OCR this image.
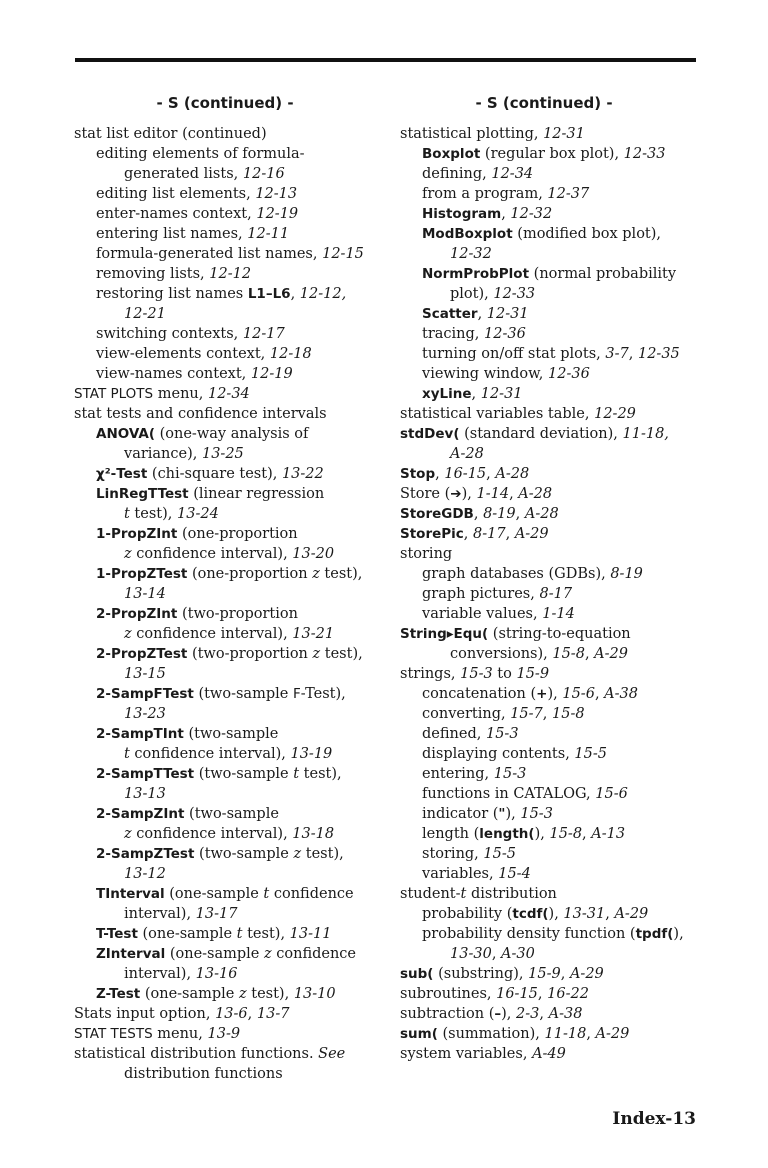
- S (continued) -
stat list editor (continued)
editing elements of formula-
generated lists, 12-16
editing list elements, 12-13
enter-names context, 12-19
entering list names, 12-11
formula-generated list names, 12-15
removing lists, 12-12
restoring list names L1–L6, 12-12,
12-21
switching contexts, 12-17
view-elements context, 12-18
view-names context, 12-19
STAT PLOTS menu, 12-34
stat tests and confidence intervals
ANOVA( (one-way analysis of
variance), 13-25
χ²-Test (chi-square test), 13-22
LinRegTTest (linear regression
t test), 13-24
1-PropZInt (one-proportion
z confidence interval), 13-20
1-PropZTest (one-proportion z test),
13-14
2-PropZInt (two-proportion
z confidence interval), 13-21
2-PropZTest (two-proportion z test),
13-15
2-SampFTest (two-sample F-Test),
13-23
2-SampTInt (two-sample
t confidence interval), 13-19
2-SampTTest (two-sample t test),
13-13
2-SampZInt (two-sample
z confidence interval), 13-18
2-SampZTest (two-sample z test),
13-12
TInterval (one-sample t confidence
interval), 13-17
T-Test (one-sample t test), 13-11
ZInterval (one-sample z confidence
interval), 13-16
Z-Test (one-sample z test), 13-10
Stats input option, 13-6, 13-7
STAT TESTS menu, 13-9
statistical distribution functions. See
distribution functions
- S (continued) -
statistical plotting, 12-31
Boxplot (regular box plot), 12-33
defining, 12-34
from a program, 12-37
Histogram, 12-32
ModBoxplot (modified box plot),
12-32
NormProbPlot (normal probability
plot), 12-33
Scatter, 12-31
tracing, 12-36
turning on/off stat plots, 3-7, 12-35
viewing window, 12-36
xyLine, 12-31
statistical variables table, 12-29
stdDev( (standard deviation), 11-18,
A-28
Stop, 16-15, A-28
Store (➔), 1-14, A-28
StoreGDB, 8-19, A-28
StorePic, 8-17, A-29
storing
graph databases (GDBs), 8-19
graph pictures, 8-17
variable values, 1-14
String▸Equ( (string-to-equation
conversions), 15-8, A-29
strings, 15-3 to 15-9
concatenation (+), 15-6, A-38
converting, 15-7, 15-8
defined, 15-3
displaying contents, 15-5
entering, 15-3
functions in CATALOG, 15-6
indicator ("), 15-3
length (length(), 15-8, A-13
storing, 15-5
variables, 15-4
student-t distribution
probability (tcdf(), 13-31, A-29
probability density function (tpdf(),
13-30, A-30
sub( (substring), 15-9, A-29
subroutines, 16-15, 16-22
subtraction (–), 2-3, A-38
sum( (summation), 11-18, A-29
system variables, A-49
Index-13
